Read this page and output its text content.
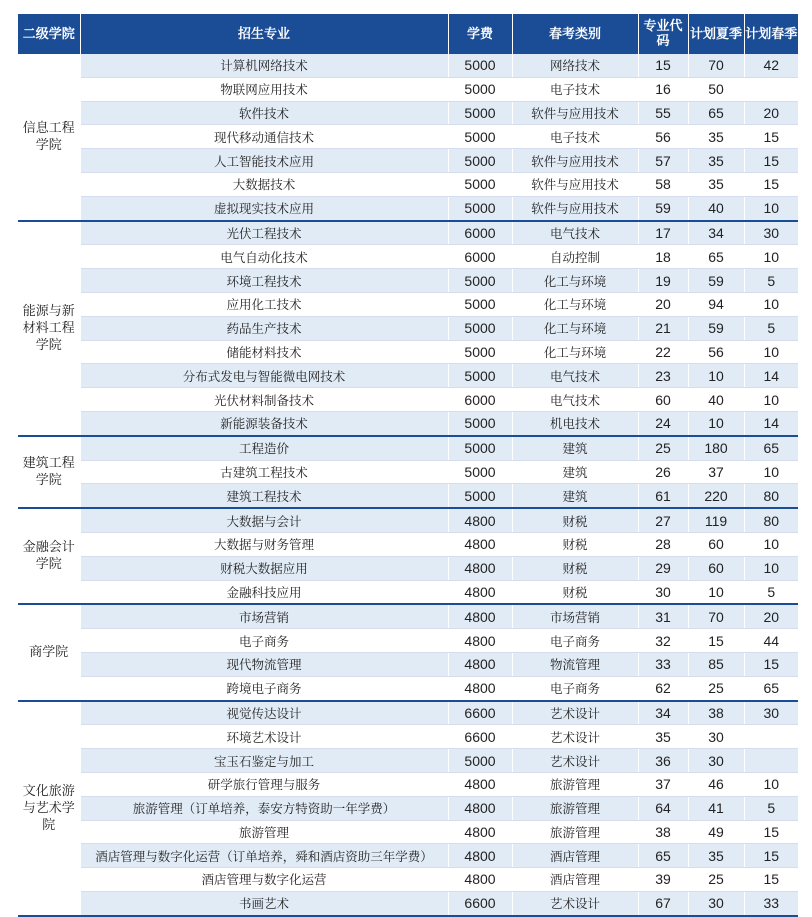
二级学院	招生专业	学费	春考类别	专业代码	计划夏季	计划春季
信息工程学院	计算机网络技术	5000	网络技术	15	70	42
	物联网应用技术	5000	电子技术	16	50	
	软件技术	5000	软件与应用技术	55	65	20
	现代移动通信技术	5000	电子技术	56	35	15
	人工智能技术应用	5000	软件与应用技术	57	35	15
	大数据技术	5000	软件与应用技术	58	35	15
	虚拟现实技术应用	5000	软件与应用技术	59	40	10
能源与新材料工程学院	光伏工程技术	6000	电气技术	17	34	30
	电气自动化技术	6000	自动控制	18	65	10
	环境工程技术	5000	化工与环境	19	59	5
	应用化工技术	5000	化工与环境	20	94	10
	药品生产技术	5000	化工与环境	21	59	5
	储能材料技术	5000	化工与环境	22	56	10
	分布式发电与智能微电网技术	5000	电气技术	23	10	14
	光伏材料制备技术	6000	电气技术	60	40	10
	新能源装备技术	5000	机电技术	24	10	14
建筑工程学院	工程造价	5000	建筑	25	180	65
	古建筑工程技术	5000	建筑	26	37	10
	建筑工程技术	5000	建筑	61	220	80
金融会计学院	大数据与会计	4800	财税	27	119	80
	大数据与财务管理	4800	财税	28	60	10
	财税大数据应用	4800	财税	29	60	10
	金融科技应用	4800	财税	30	10	5
商学院	市场营销	4800	市场营销	31	70	20
	电子商务	4800	电子商务	32	15	44
	现代物流管理	4800	物流管理	33	85	15
	跨境电子商务	4800	电子商务	62	25	65
文化旅游与艺术学院	视觉传达设计	6600	艺术设计	34	38	30
	环境艺术设计	6600	艺术设计	35	30	
	宝玉石鉴定与加工	5000	艺术设计	36	30	
	研学旅行管理与服务	4800	旅游管理	37	46	10
	旅游管理（订单培养，泰安方特资助一年学费）	4800	旅游管理	64	41	5
	旅游管理	4800	旅游管理	38	49	15
	酒店管理与数字化运营（订单培养，舜和酒店资助三年学费）	4800	酒店管理	65	35	15
	酒店管理与数字化运营	4800	酒店管理	39	25	15
	书画艺术	6600	艺术设计	67	30	33
